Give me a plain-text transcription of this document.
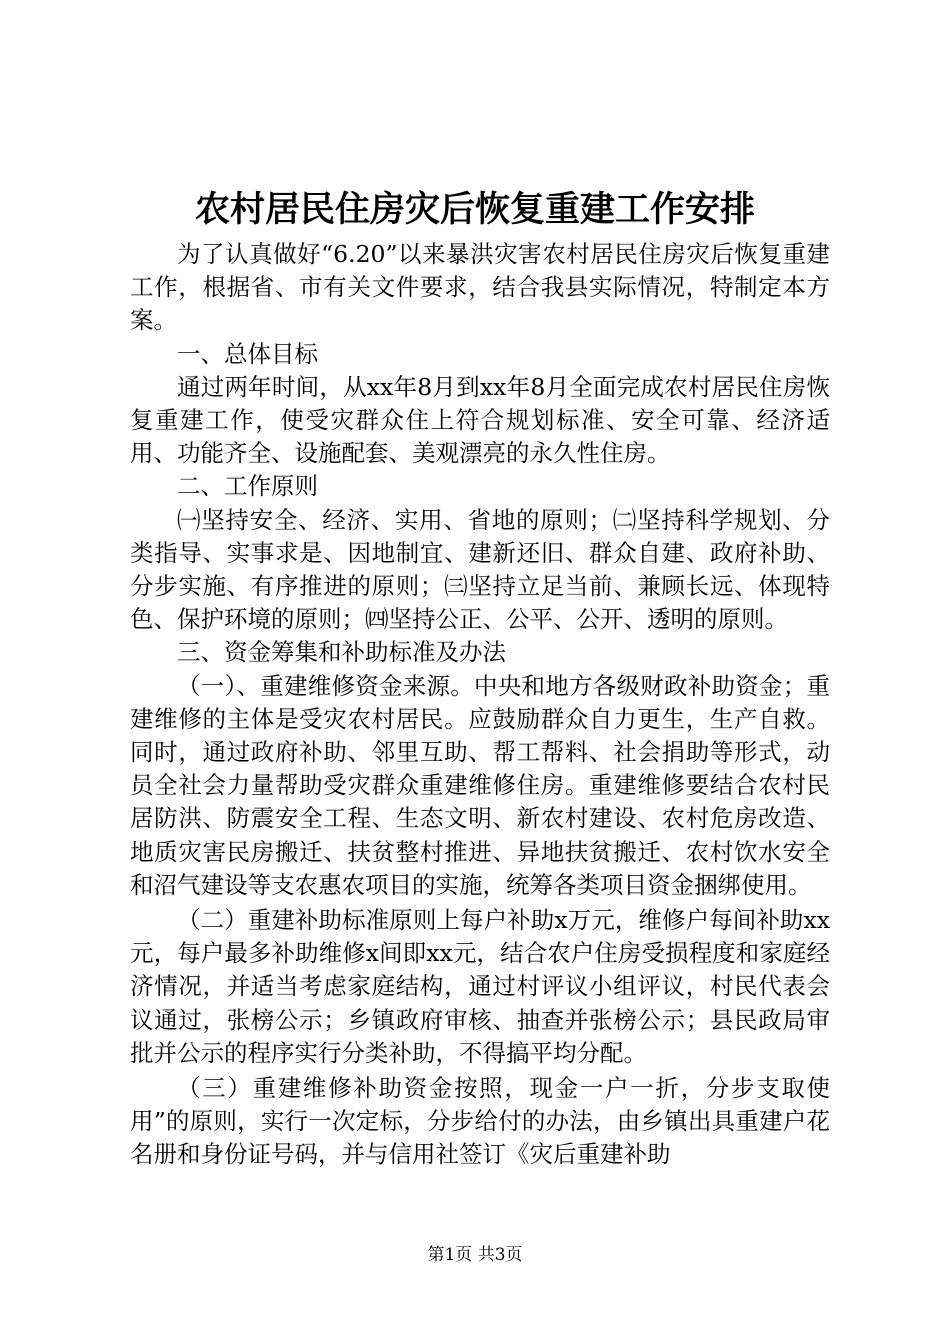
农村居民住房灾后恢复重建工作安排

为了认真做好“6.20”以来暴洪灾害农村居民住房灾后恢复重建工作，根据省、市有关文件要求，结合我县实际情况，特制定本方案。

一、总体目标

通过两年时间，从xx年8月到xx年8月全面完成农村居民住房恢复重建工作，使受灾群众住上符合规划标准、安全可靠、经济适用、功能齐全、设施配套、美观漂亮的永久性住房。

二、工作原则

㈠坚持安全、经济、实用、省地的原则；㈡坚持科学规划、分类指导、实事求是、因地制宜、建新还旧、群众自建、政府补助、分步实施、有序推进的原则；㈢坚持立足当前、兼顾长远、体现特色、保护环境的原则；㈣坚持公正、公平、公开、透明的原则。

三、资金筹集和补助标准及办法

（一）、重建维修资金来源。中央和地方各级财政补助资金；重建维修的主体是受灾农村居民。应鼓励群众自力更生，生产自救。同时，通过政府补助、邻里互助、帮工帮料、社会捐助等形式，动员全社会力量帮助受灾群众重建维修住房。重建维修要结合农村民居防洪、防震安全工程、生态文明、新农村建设、农村危房改造、地质灾害民房搬迁、扶贫整村推进、异地扶贫搬迁、农村饮水安全和沼气建设等支农惠农项目的实施，统筹各类项目资金捆绑使用。

（二）重建补助标准原则上每户补助x万元，维修户每间补助xx元，每户最多补助维修x间即xx元，结合农户住房受损程度和家庭经济情况，并适当考虑家庭结构，通过村评议小组评议，村民代表会议通过，张榜公示；乡镇政府审核、抽查并张榜公示；县民政局审批并公示的程序实行分类补助，不得搞平均分配。

（三）重建维修补助资金按照，现金一户一折，分步支取使用”的原则，实行一次定标，分步给付的办法，由乡镇出具重建户花名册和身份证号码，并与信用社签订《灾后重建补助

第1页 共3页
